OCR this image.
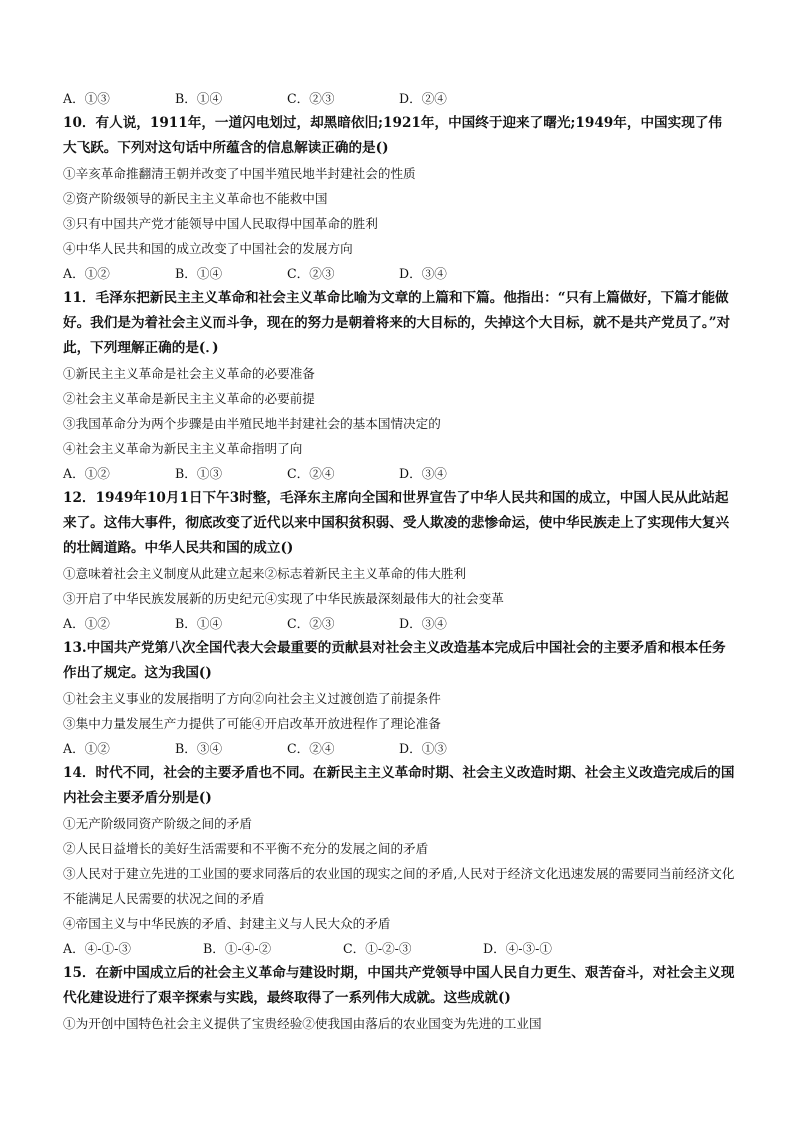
A．①③	B．①④	C．②③	D．②④

10．有人说，1911年，一道闪电划过，却黑暗依旧;1921年，中国终于迎来了曙光;1949年，中国实现了伟大飞跃。下列对这句话中所蕴含的信息解读正确的是()

①辛亥革命推翻清王朝并改变了中国半殖民地半封建社会的性质

②资产阶级领导的新民主主义革命也不能救中国

③只有中国共产党才能领导中国人民取得中国革命的胜利

④中华人民共和国的成立改变了中国社会的发展方向

A．①②	B．①④	C．②③	D．③④

11．毛泽东把新民主主义革命和社会主义革命比喻为文章的上篇和下篇。他指出：“只有上篇做好，下篇才能做好。我们是为着社会主义而斗争，现在的努力是朝着将来的大目标的，失掉这个大目标，就不是共产党员了。”对此，下列理解正确的是(．)

①新民主主义革命是社会主义革命的必要准备

②社会主义革命是新民主主义革命的必要前提

③我国革命分为两个步骤是由半殖民地半封建社会的基本国情决定的

④社会主义革命为新民主主义革命指明了向

A．①②	B．①③	C．②④	D．③④

12．1949年10月1日下午3时整，毛泽东主席向全国和世界宣告了中华人民共和国的成立，中国人民从此站起来了。这伟大事件，彻底改变了近代以来中国积贫积弱、受人欺凌的悲惨命运，使中华民族走上了实现伟大复兴的壮阔道路。中华人民共和国的成立()

①意味着社会主义制度从此建立起来②标志着新民主主义革命的伟大胜利

③开启了中华民族发展新的历史纪元④实现了中华民族最深刻最伟大的社会变革

A．①②	B．①④	C．②③	D．③④

13.中国共产党第八次全国代表大会最重要的贡献县对社会主义改造基本完成后中国社会的主要矛盾和根本任务作出了规定。这为我国()

①社会主义事业的发展指明了方向②向社会主义过渡创造了前提条件

③集中力量发展生产力提供了可能④开启改革开放进程作了理论准备

A．①②	B．③④	C．②④	D．①③

14．时代不同，社会的主要矛盾也不同。在新民主主义革命时期、社会主义改造时期、社会主义改造完成后的国内社会主要矛盾分别是()

①无产阶级同资产阶级之间的矛盾

②人民日益增长的美好生活需要和不平衡不充分的发展之间的矛盾

③人民对于建立先进的工业国的要求同落后的农业国的现实之间的矛盾,人民对于经济文化迅速发展的需要同当前经济文化不能满足人民需要的状况之间的矛盾

④帝国主义与中华民族的矛盾、封建主义与人民大众的矛盾

A．④-①-③	B．①-④-②	C．①-②-③	D．④-③-①

15．在新中国成立后的社会主义革命与建设时期，中国共产党领导中国人民自力更生、艰苦奋斗，对社会主义现代化建设进行了艰辛探索与实践，最终取得了一系列伟大成就。这些成就()

①为开创中国特色社会主义提供了宝贵经验②使我国由落后的农业国变为先进的工业国
